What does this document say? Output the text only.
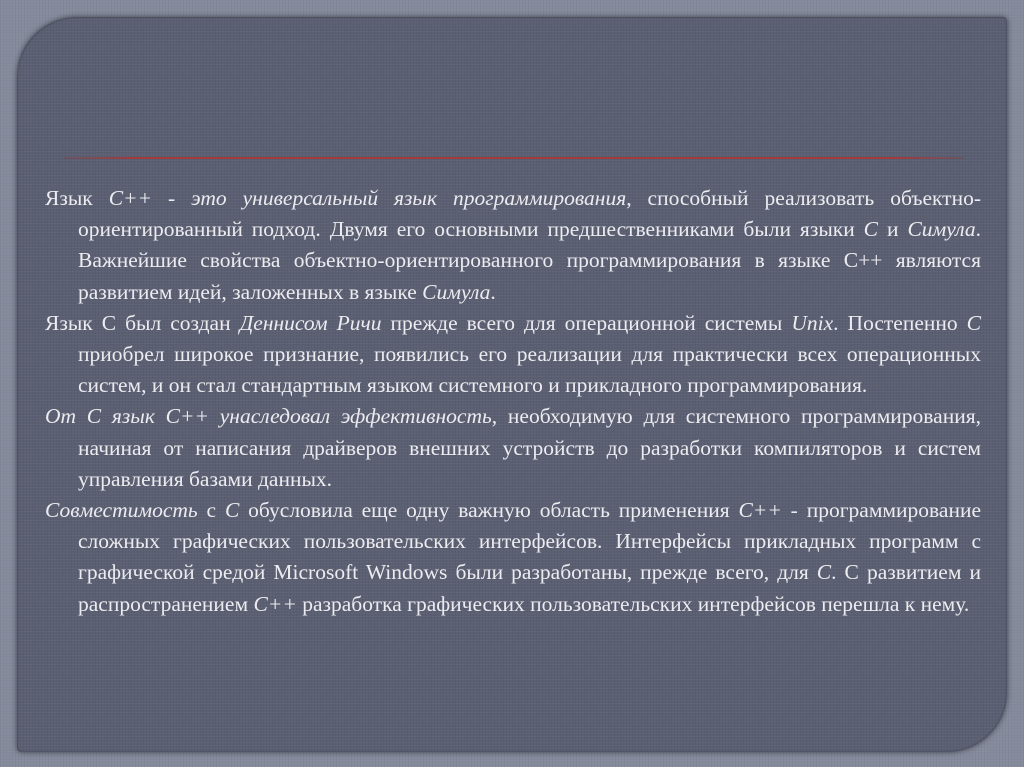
Язык С++ - это универсальный язык программирования, способный реализовать объектно-ориентированный подход. Двумя его основными предшественниками были языки С и Симула. Важнейшие свойства объектно-ориентированного программирования в языке С++ являются развитием идей, заложенных в языке Симула.

Язык С был создан Деннисом Ричи прежде всего для операционной системы Unix. Постепенно С приобрел широкое признание, появились его реализации для практически всех операционных систем, и он стал стандартным языком системного и прикладного программирования.

От С язык С++ унаследовал эффективность, необходимую для системного программирования, начиная от написания драйверов внешних устройств до разработки компиляторов и систем управления базами данных.

Совместимость с С обусловила еще одну важную область применения С++ - программирование сложных графических пользовательских интерфейсов. Интерфейсы прикладных программ с графической средой Microsoft Windows были разработаны, прежде всего, для С. С развитием и распространением С++ разработка графических пользовательских интерфейсов перешла к нему.
